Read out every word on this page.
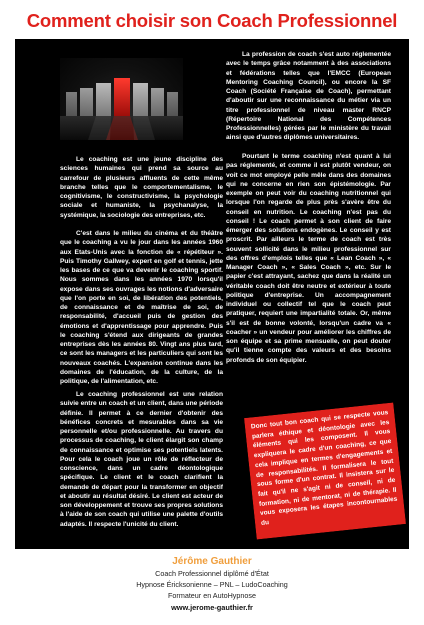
Comment choisir son Coach Professionnel

La profession de coach s'est auto réglementée avec le temps grâce notamment à des associations et fédérations telles que l'EMCC (European Mentoring Coaching Council), ou encore la SF Coach (Société Française de Coach), permettant d'aboutir sur une reconnaissance du métier via un titre professionnel de niveau master RNCP (Répertoire National des Compétences Professionnelles) gérées par le ministère du travail ainsi que d'autres diplômes universitaires.

Le coaching est une jeune discipline des sciences humaines qui prend sa source au carrefour de plusieurs affluents de cette même branche telles que le comportementalisme, le cognitivisme, le constructivisme, la psychologie sociale et humaniste, la psychanalyse, la systémique, la sociologie des entreprises, etc.

C'est dans le milieu du cinéma et du théâtre que le coaching a vu le jour dans les années 1960 aux Etats-Unis avec la fonction de « répétiteur ». Puis Timothy Gallwey, expert en golf et tennis, jette les bases de ce que va devenir le coaching sportif. Nous sommes dans les années 1970 lorsqu'il expose dans ses ouvrages les notions d'adversaire que l'on porte en soi, de libération des potentiels, de connaissance et de maîtrise de soi, de responsabilité, d'accueil puis de gestion des émotions et d'apprentissage pour apprendre. Puis le coaching s'étend aux dirigeants de grandes entreprises dès les années 80. Vingt ans plus tard, ce sont les managers et les particuliers qui sont les nouveaux coachés. L'expansion continue dans les domaines de l'éducation, de la culture, de la politique, de l'alimentation, etc.

Le coaching professionnel est une relation suivie entre un coach et un client, dans une période définie. Il permet à ce dernier d'obtenir des bénéfices concrets et mesurables dans sa vie personnelle et/ou professionnelle. Au travers du processus de coaching, le client élargit son champ de connaissance et optimise ses potentiels latents. Pour cela le coach joue un rôle de réflecteur de conscience, dans un cadre déontologique spécifique. Le client et le coach clarifient la demande de départ pour la transformer en objectif et aboutir au résultat désiré. Le client est acteur de son développement et trouve ses propres solutions à l'aide de son coach qui utilise une palette d'outils adaptés. Il respecte l'unicité du client.

Pourtant le terme coaching n'est quant à lui pas réglementé, et comme il est plutôt vendeur, on voit ce mot employé pelle mêle dans des domaines qui ne concerne en rien son épistémologie. Par exemple on peut voir du coaching nutritionnel qui lorsque l'on regarde de plus près s'avère être du conseil en nutrition. Le coaching n'est pas du conseil ! Le coach permet à son client de faire émerger des solutions endogènes. Le conseil y est proscrit. Par ailleurs le terme de coach est très souvent sollicité dans le milieu professionnel sur des offres d'emplois telles que « Lean Coach », « Manager Coach », « Sales Coach », etc. Sur le papier c'est attrayant, sachez que dans la réalité un véritable coach doit être neutre et extérieur à toute politique d'entreprise. Un accompagnement individuel ou collectif tel que le coach peut pratiquer, requiert une impartialité totale. Or, même s'il est de bonne volonté, lorsqu'un cadre va « coacher » un vendeur pour améliorer les chiffres de son équipe et sa prime mensuelle, on peut douter qu'il tienne compte des valeurs et des besoins profonds de son équipier.

Donc tout bon coach qui se respecte vous parlera éthique et déontologie avec les éléments qui les composent. Il vous expliquera le cadre d'un coaching, ce que cela implique en termes d'engagements et de responsabilités. Il formalisera le tout sous forme d'un contrat. Il insistera sur le fait qu'il ne s'agit ni de conseil, ni de formation, ni de mentorat, ni de thérapie. Il vous exposera les étapes incontournables du
Jérôme Gauthier
Coach Professionnel diplômé d'État
Hypnose Éricksonienne – PNL – LudoCoaching
Formateur en AutoHypnose
www.jerome-gauthier.fr
